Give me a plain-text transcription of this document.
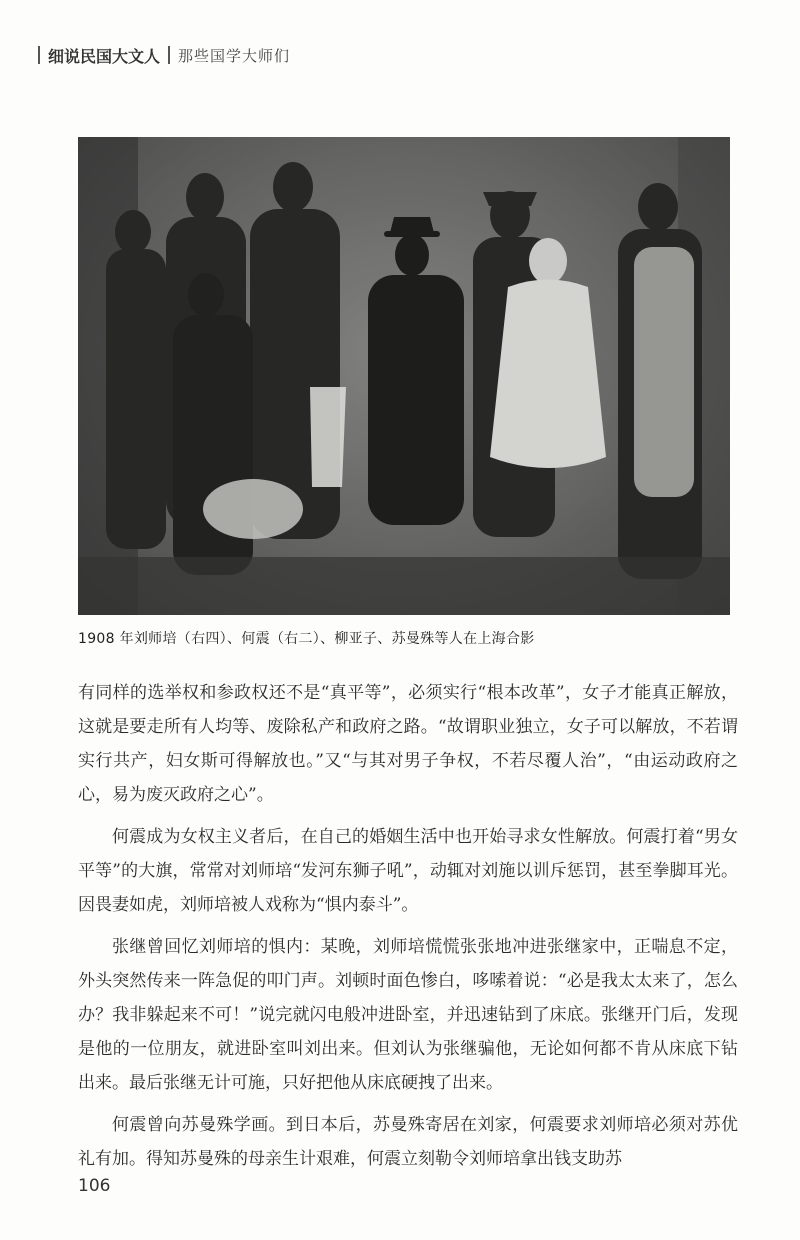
细说民国大文人 那些国学大师们
1908 年刘师培（右四）、何震（右二）、柳亚子、苏曼殊等人在上海合影

有同样的选举权和参政权还不是“真平等”，必须实行“根本改革”，女子才能真正解放，这就是要走所有人均等、废除私产和政府之路。“故谓职业独立，女子可以解放，不若谓实行共产，妇女斯可得解放也。”又“与其对男子争权，不若尽覆人治”，“由运动政府之心，易为废灭政府之心”。

何震成为女权主义者后，在自己的婚姻生活中也开始寻求女性解放。何震打着“男女平等”的大旗，常常对刘师培“发河东狮子吼”，动辄对刘施以训斥惩罚，甚至拳脚耳光。因畏妻如虎，刘师培被人戏称为“惧内泰斗”。

张继曾回忆刘师培的惧内：某晚，刘师培慌慌张张地冲进张继家中，正喘息不定，外头突然传来一阵急促的叩门声。刘顿时面色惨白，哆嗦着说：“必是我太太来了，怎么办？我非躲起来不可！”说完就闪电般冲进卧室，并迅速钻到了床底。张继开门后，发现是他的一位朋友，就进卧室叫刘出来。但刘认为张继骗他，无论如何都不肯从床底下钻出来。最后张继无计可施，只好把他从床底硬拽了出来。

何震曾向苏曼殊学画。到日本后，苏曼殊寄居在刘家，何震要求刘师培必须对苏优礼有加。得知苏曼殊的母亲生计艰难，何震立刻勒令刘师培拿出钱支助苏

106
